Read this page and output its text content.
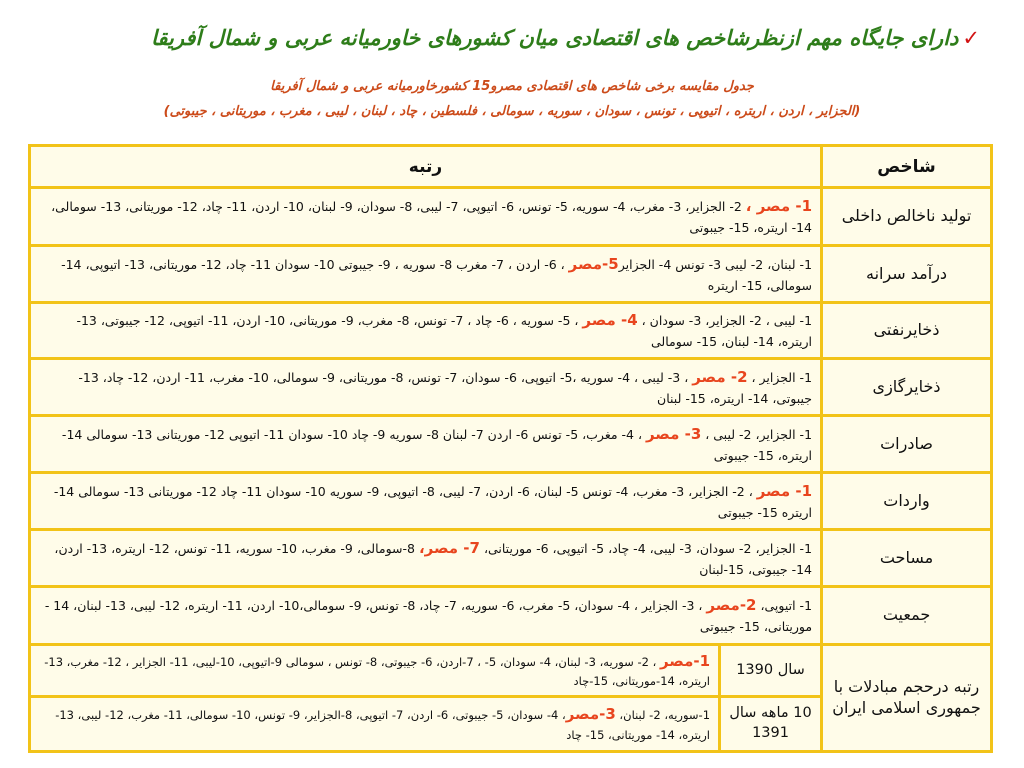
✓دارای جایگاه مهم ازنظرشاخص های اقتصادی میان کشورهای خاورمیانه عربی و شمال آفریقا
جدول مقایسه برخی شاخص های اقتصادی مصرو15 کشورخاورمیانه عربی و شمال آفریقا
(الجزایر ، اردن ، اریتره ، اتیوپی ، تونس ، سودان ، سوریه ، سومالی ، فلسطین ، چاد ، لبنان ، لیبی ، مغرب ، موریتانی ، جیبوتی)
شاخص	رتبه	
تولید ناخالص داخلی	1- مصر ، 2- الجزایر، 3- مغرب، 4- سوریه، 5- تونس، 6- اتیوپی، 7- لیبی، 8- سودان، 9- لبنان، 10- اردن، 11- چاد، 12- موریتانی، 13- سومالی، 14- اریتره، 15- جیبوتی	
درآمد سرانه	1- لبنان، 2- لیبی 3- تونس 4- الجزایر5-مصر ، 6- اردن ، 7- مغرب 8- سوریه ، 9- جیبوتی 10- سودان 11- چاد، 12- موریتانی، 13- اتیوپی، 14- سومالی، 15- اریتره	
ذخایرنفتی	1- لیبی ، 2- الجزایر، 3- سودان ، 4- مصر ، 5- سوریه ، 6- چاد ، 7- تونس، 8- مغرب، 9- موریتانی، 10- اردن، 11- اتیوپی، 12- جیبوتی، 13- اریتره، 14- لبنان، 15- سومالی	
ذخایرگازی	1- الجزایر ، 2- مصر ، 3- لیبی ، 4- سوریه ،5- اتیوپی، 6- سودان، 7- تونس، 8- موریتانی، 9- سومالی، 10- مغرب، 11- اردن، 12- چاد، 13- جیبوتی، 14- اریتره، 15- لبنان	
صادرات	1- الجزایر، 2- لیبی ، 3- مصر ، 4- مغرب، 5- تونس 6- اردن 7- لبنان 8- سوریه 9- چاد 10- سودان 11- اتیوپی 12- موریتانی 13- سومالی 14- اریتره، 15- جیبوتی	
واردات	1- مصر ، 2- الجزایر، 3- مغرب، 4- تونس 5- لبنان، 6- اردن، 7- لیبی، 8- اتیوپی، 9- سوریه 10- سودان 11- چاد 12- موریتانی 13- سومالی 14- اریتره 15- جیبوتی	
مساحت	1- الجزایر، 2- سودان، 3- لیبی، 4- چاد، 5- اتیوپی، 6- موریتانی، 7- مصر، 8-سومالی، 9- مغرب، 10- سوریه، 11- تونس، 12- اریتره، 13- اردن، 14- جیبوتی، 15-لبنان	
جمعیت	1- اتیوپی، 2-مصر ، 3- الجزایر ، 4- سودان، 5- مغرب، 6- سوریه، 7- چاد، 8- تونس، 9- سومالی،10- اردن، 11- اریتره، 12- لیبی، 13- لبنان، 14 - موریتانی، 15- جیبوتی	
رتبه درحجم مبادلات با جمهوری اسلامی ایران	سال 1390	1-مصر ، 2- سوریه، 3- لبنان، 4- سودان، 5- ، 7-اردن، 6- جیبوتی، 8- تونس ، سومالی 9-اتیوپی، 10-لیبی، 11- الجزایر ، 12- مغرب، 13-اریتره، 14-موریتانی، 15-چاد
	10 ماهه سال 1391	1-سوریه، 2- لبنان، 3-مصر، 4- سودان، 5- جیبوتی، 6- اردن، 7- اتیوپی، 8-الجزایر، 9- تونس، 10- سومالی، 11- مغرب، 12- لیبی، 13- اریتره، 14- موریتانی، 15- چاد
